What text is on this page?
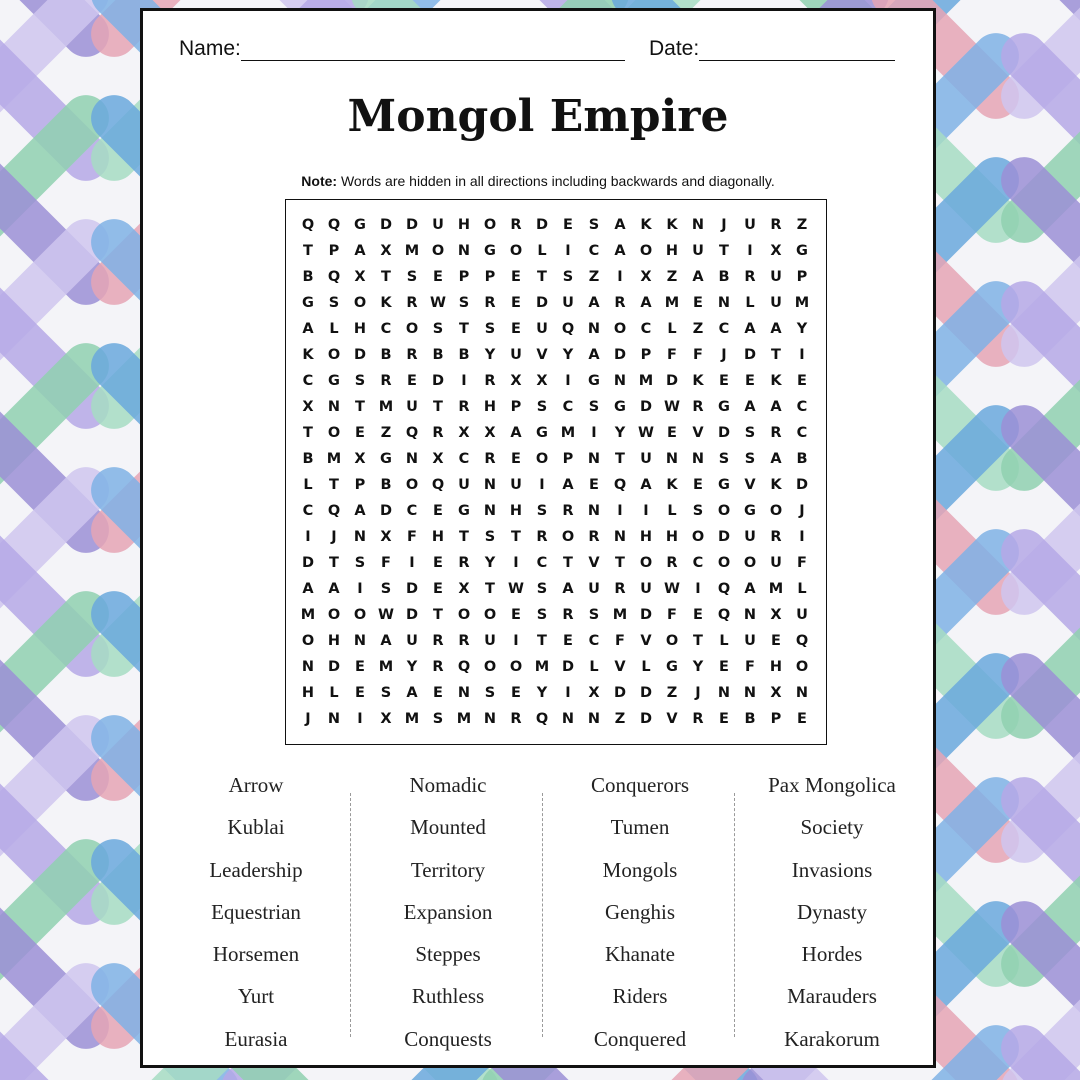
Name:	Date:
Mongol Empire
Note: Words are hidden in all directions including backwards and diagonally.
Q Q G D D U H O R D	E	S	A	K	K N	J	U	R	Z
T	P	A	X M O N G O	L	I	C	A O H U	T	I	X G
B Q X	T	S	E	P	P	E	T	S	Z	I	X	Z	A	B	R	U	P
G	S	O K	R W S	R	E	D U A	R	A M E	N	L	U M
A	L	H	C	O	S	T	S	E	U Q N O	C	L	Z	C	A	A	Y
K O D B	R	B	B	Y	U V	Y	A D	P	F	F	J	D	T	I
C	G	S	R	E	D	I	R	X	X	I	G N M D K	E	E	K	E
X N	T M U	T	R H	P	S	C	S	G D W R G A	A	C
T	O	E	Z	Q R	X	X	A G M	I	Y W E	V D	S	R	C
B M X G N X	C	R	E	O	P	N	T	U N N	S	S	A	B
L	T	P	B O Q U N U	I	A	E	Q A	K	E	G V	K D
C	Q A D	C	E	G N H	S	R N	I	I	L	S	O G O	J
I	J	N X	F	H	T	S	T	R O R N H H O D U	R	I
D	T	S	F	I	E	R	Y	I	C	T	V	T	O R	C	O O U	F
A	A	I	S	D	E	X	T W S	A	U	R	U W	I	Q A M L
M O O W D	T	O O	E	S	R	S M D	F	E	Q N X	U
O H N A	U	R	R	U	I	T	E	C	F	V O	T	L	U	E	Q
N D	E M Y	R Q O O M D	L	V	L	G	Y	E	F	H O
H	L	E	S	A	E	N	S	E	Y	I	X D D	Z	J	N N X N
J	N	I	X M S M N R Q N N	Z	D V	R	E	B	P	E
Arrow
Kublai
Leadership
Equestrian
Horsemen
Yurt
Eurasia
Nomadic
Mounted
Territory
Expansion
Steppes
Ruthless
Conquests
Conquerors
Tumen
Mongols
Genghis
Khanate
Riders
Conquered
Pax Mongolica
Society
Invasions
Dynasty
Hordes
Marauders
Karakorum
